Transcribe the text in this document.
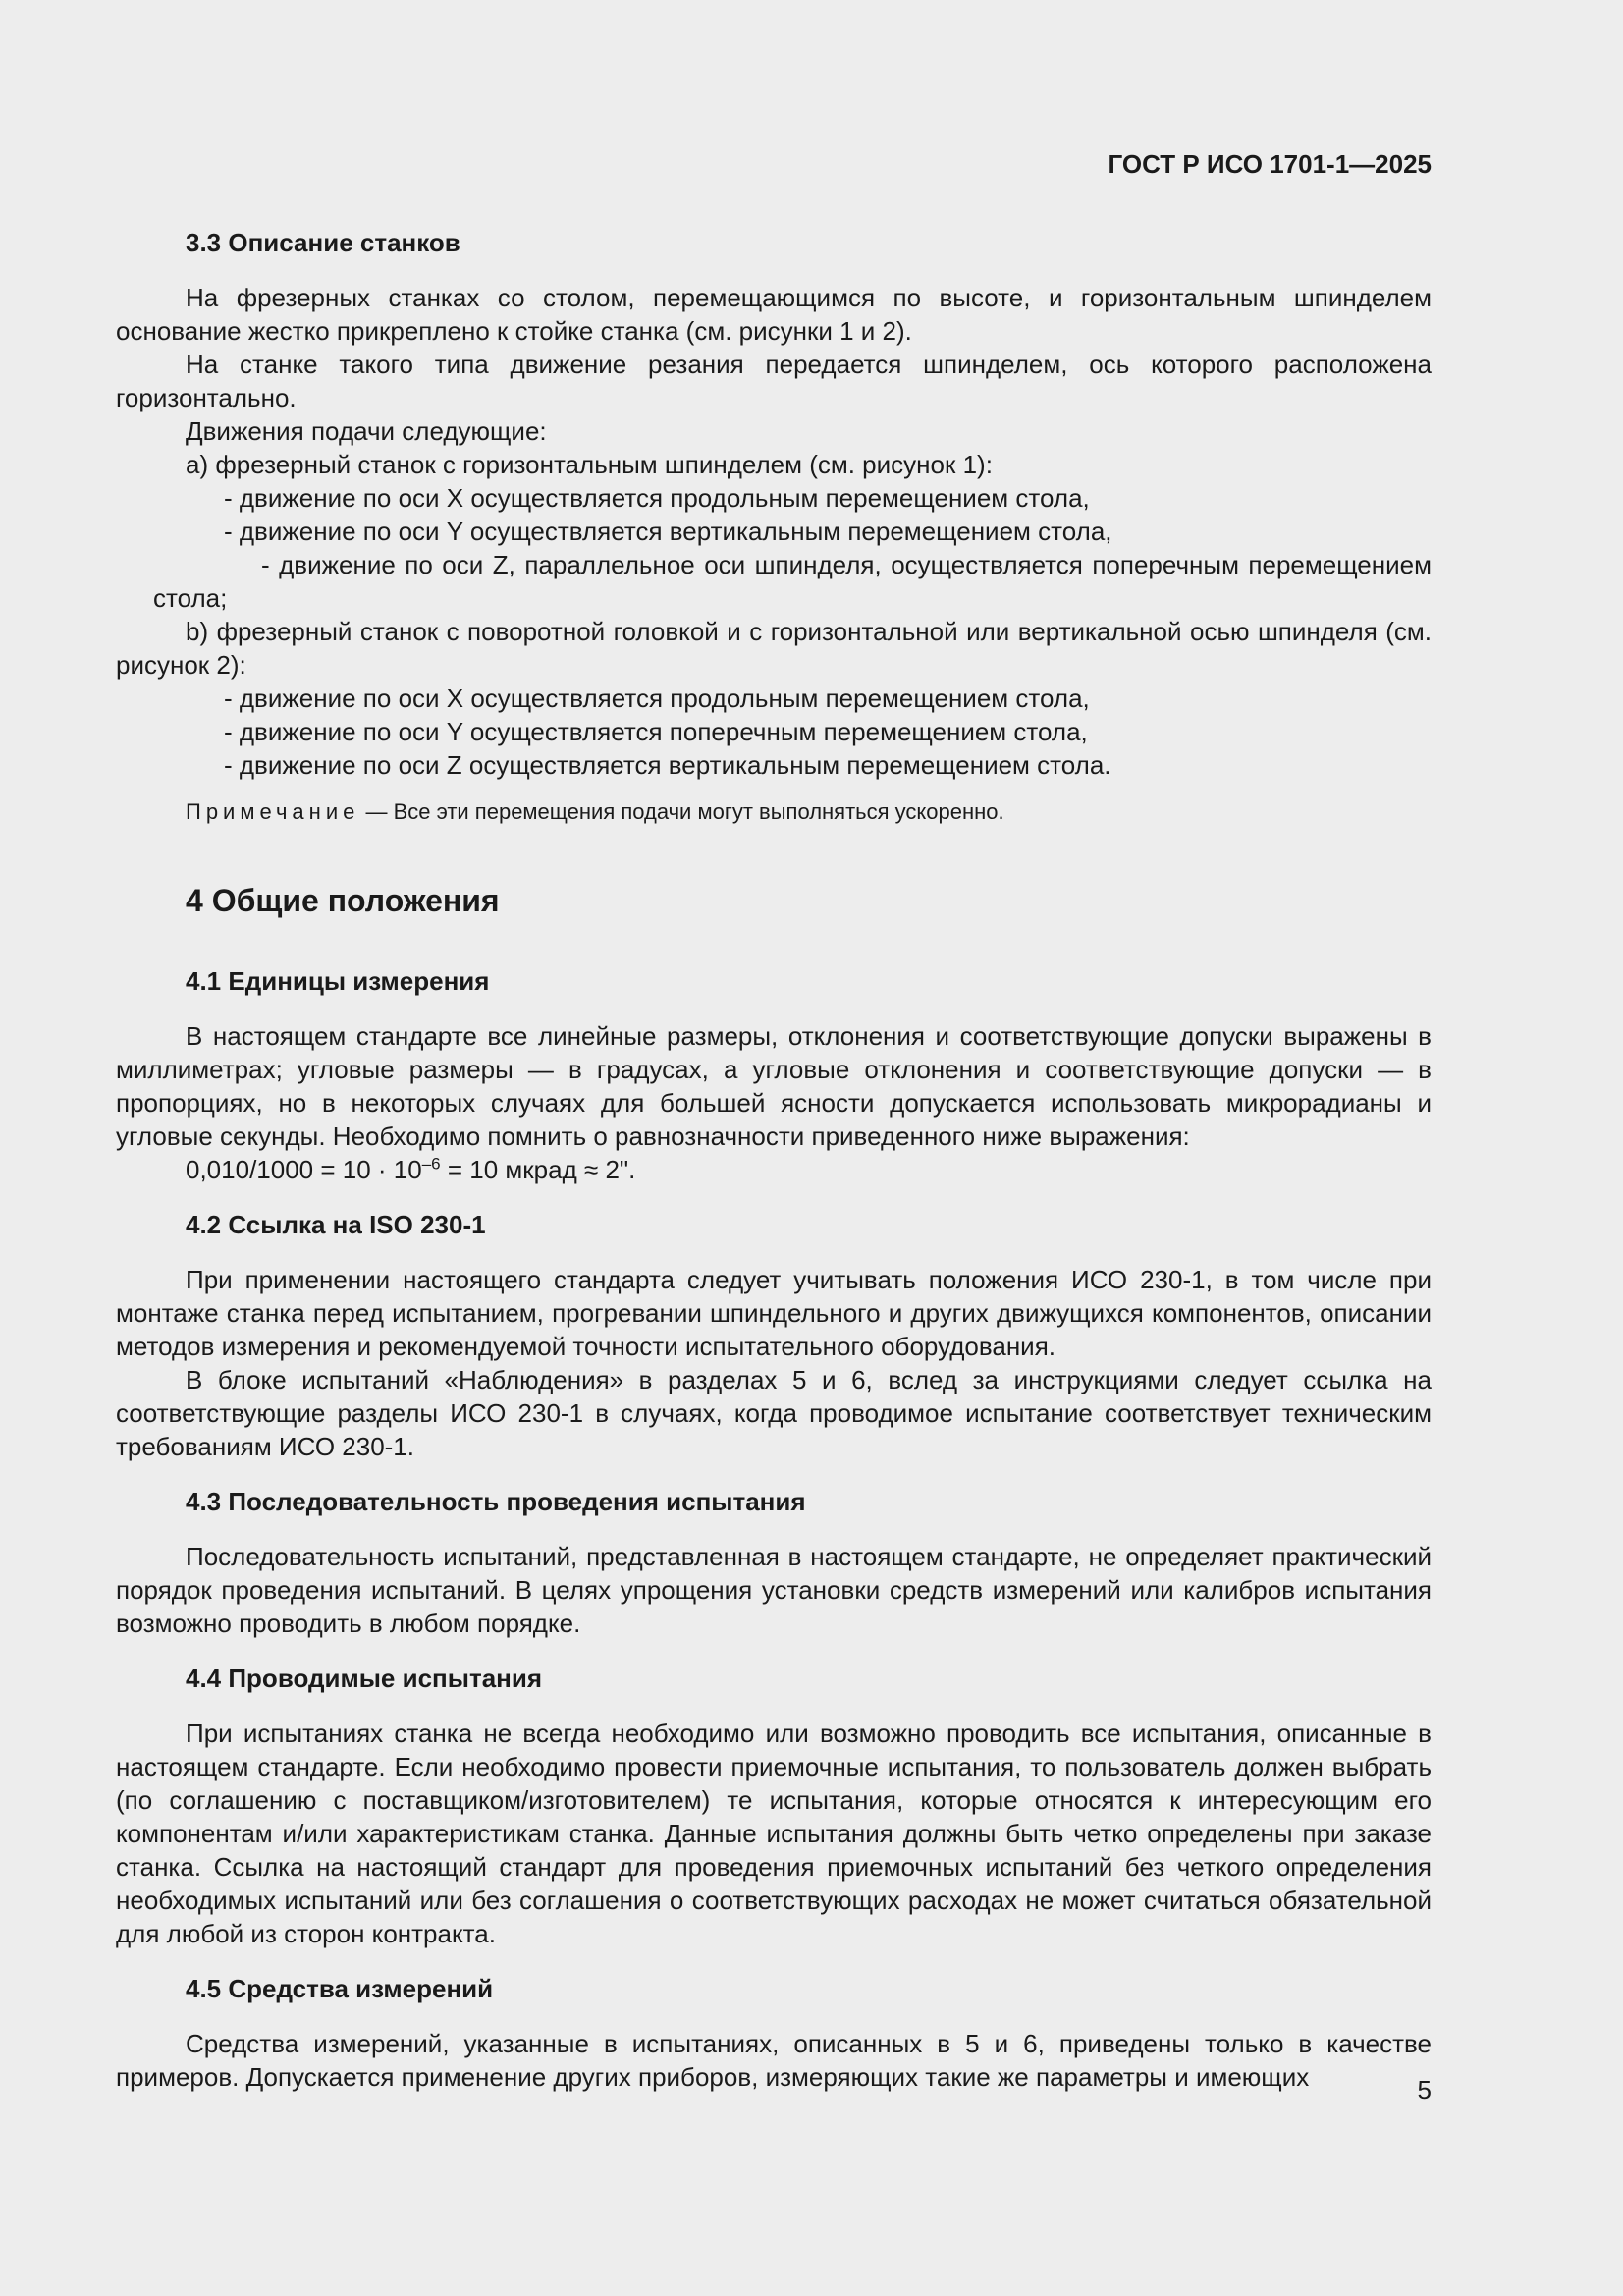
ГОСТ Р ИСО 1701-1—2025
3.3 Описание станков

На фрезерных станках со столом, перемещающимся по высоте, и горизонтальным шпинделем основание жестко прикреплено к стойке станка (см. рисунки 1 и 2).

На станке такого типа движение резания передается шпинделем, ось которого расположена горизонтально.

Движения подачи следующие:

a) фрезерный станок с горизонтальным шпинделем (см. рисунок 1):

- движение по оси X осуществляется продольным перемещением стола,

- движение по оси Y осуществляется вертикальным перемещением стола,

- движение по оси Z, параллельное оси шпинделя, осуществляется поперечным перемещением стола;

b) фрезерный станок с поворотной головкой и с горизонтальной или вертикальной осью шпинделя (см. рисунок 2):

- движение по оси X осуществляется продольным перемещением стола,

- движение по оси Y осуществляется поперечным перемещением стола,

- движение по оси Z осуществляется вертикальным перемещением стола.

Примечание — Все эти перемещения подачи могут выполняться ускоренно.
4 Общие положения
4.1 Единицы измерения

В настоящем стандарте все линейные размеры, отклонения и соответствующие допуски выражены в миллиметрах; угловые размеры — в градусах, а угловые отклонения и соответствующие допуски — в пропорциях, но в некоторых случаях для большей ясности допускается использовать микрорадианы и угловые секунды. Необходимо помнить о равнозначности приведенного ниже выражения:

$0,010/1000 = 10 \cdot 10^{-6} = 10$ мкрад ≈ 2".

4.2 Ссылка на ISO 230-1

При применении настоящего стандарта следует учитывать положения ИСО 230-1, в том числе при монтаже станка перед испытанием, прогревании шпиндельного и других движущихся компонентов, описании методов измерения и рекомендуемой точности испытательного оборудования.

В блоке испытаний «Наблюдения» в разделах 5 и 6, вслед за инструкциями следует ссылка на соответствующие разделы ИСО 230-1 в случаях, когда проводимое испытание соответствует техническим требованиям ИСО 230-1.

4.3 Последовательность проведения испытания

Последовательность испытаний, представленная в настоящем стандарте, не определяет практический порядок проведения испытаний. В целях упрощения установки средств измерений или калибров испытания возможно проводить в любом порядке.

4.4 Проводимые испытания

При испытаниях станка не всегда необходимо или возможно проводить все испытания, описанные в настоящем стандарте. Если необходимо провести приемочные испытания, то пользователь должен выбрать (по соглашению с поставщиком/изготовителем) те испытания, которые относятся к интересующим его компонентам и/или характеристикам станка. Данные испытания должны быть четко определены при заказе станка. Ссылка на настоящий стандарт для проведения приемочных испытаний без четкого определения необходимых испытаний или без соглашения о соответствующих расходах не может считаться обязательной для любой из сторон контракта.

4.5 Средства измерений

Средства измерений, указанные в испытаниях, описанных в 5 и 6, приведены только в качестве примеров. Допускается применение других приборов, измеряющих такие же параметры и имеющих	5
